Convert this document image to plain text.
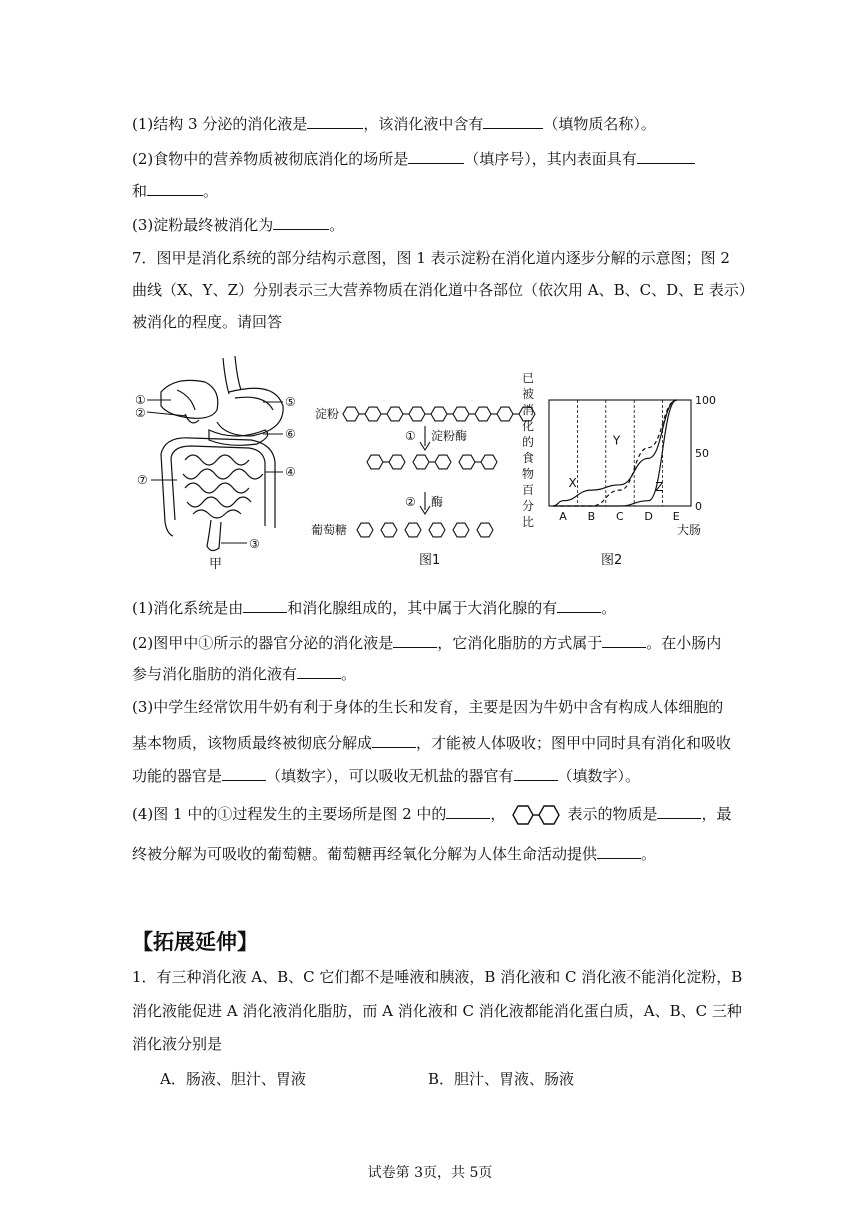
(1)结构 3 分泌的消化液是	，该消化液中含有	（填物质名称）。
(2)食物中的营养物质被彻底消化的场所是	（填序号），其内表面具有
和	。
(3)淀粉最终被消化为	。
7．图甲是消化系统的部分结构示意图，图 1 表示淀粉在消化道内逐步分解的示意图；图 2
曲线（X、Y、Z）分别表示三大营养物质在消化道中各部位（依次用 A、B、C、D、E 表示）
被消化的程度。请回答
①
②
③
④
⑤
⑥
⑦
甲
淀粉
① 淀粉酶
② 酶
葡萄糖
图1
已
被
消
化
的
食
物
百
分
比
100
50
0
A B C D E
大肠
X
Y
Z
图2
(1)消化系统是由	和消化腺组成的，其中属于大消化腺的有	。
(2)图甲中①所示的器官分泌的消化液是	，它消化脂肪的方式属于	。在小肠内
参与消化脂肪的消化液有	。
(3)中学生经常饮用牛奶有利于身体的生长和发育，主要是因为牛奶中含有构成人体细胞的
基本物质，该物质最终被彻底分解成	，才能被人体吸收；图甲中同时具有消化和吸收
功能的器官是	（填数字），可以吸收无机盐的器官有	（填数字）。
(4)图 1 中的①过程发生的主要场所是图 2 中的	，	表示的物质是	，最
终被分解为可吸收的葡萄糖。葡萄糖再经氧化分解为人体生命活动提供	。
【拓展延伸】
1．有三种消化液 A、B、C 它们都不是唾液和胰液，B 消化液和 C 消化液不能消化淀粉，B
消化液能促进 A 消化液消化脂肪，而 A 消化液和 C 消化液都能消化蛋白质，A、B、C 三种
消化液分别是
A．肠液、胆汁、胃液	B．胆汁、胃液、肠液
试卷第 3页，共 5页
